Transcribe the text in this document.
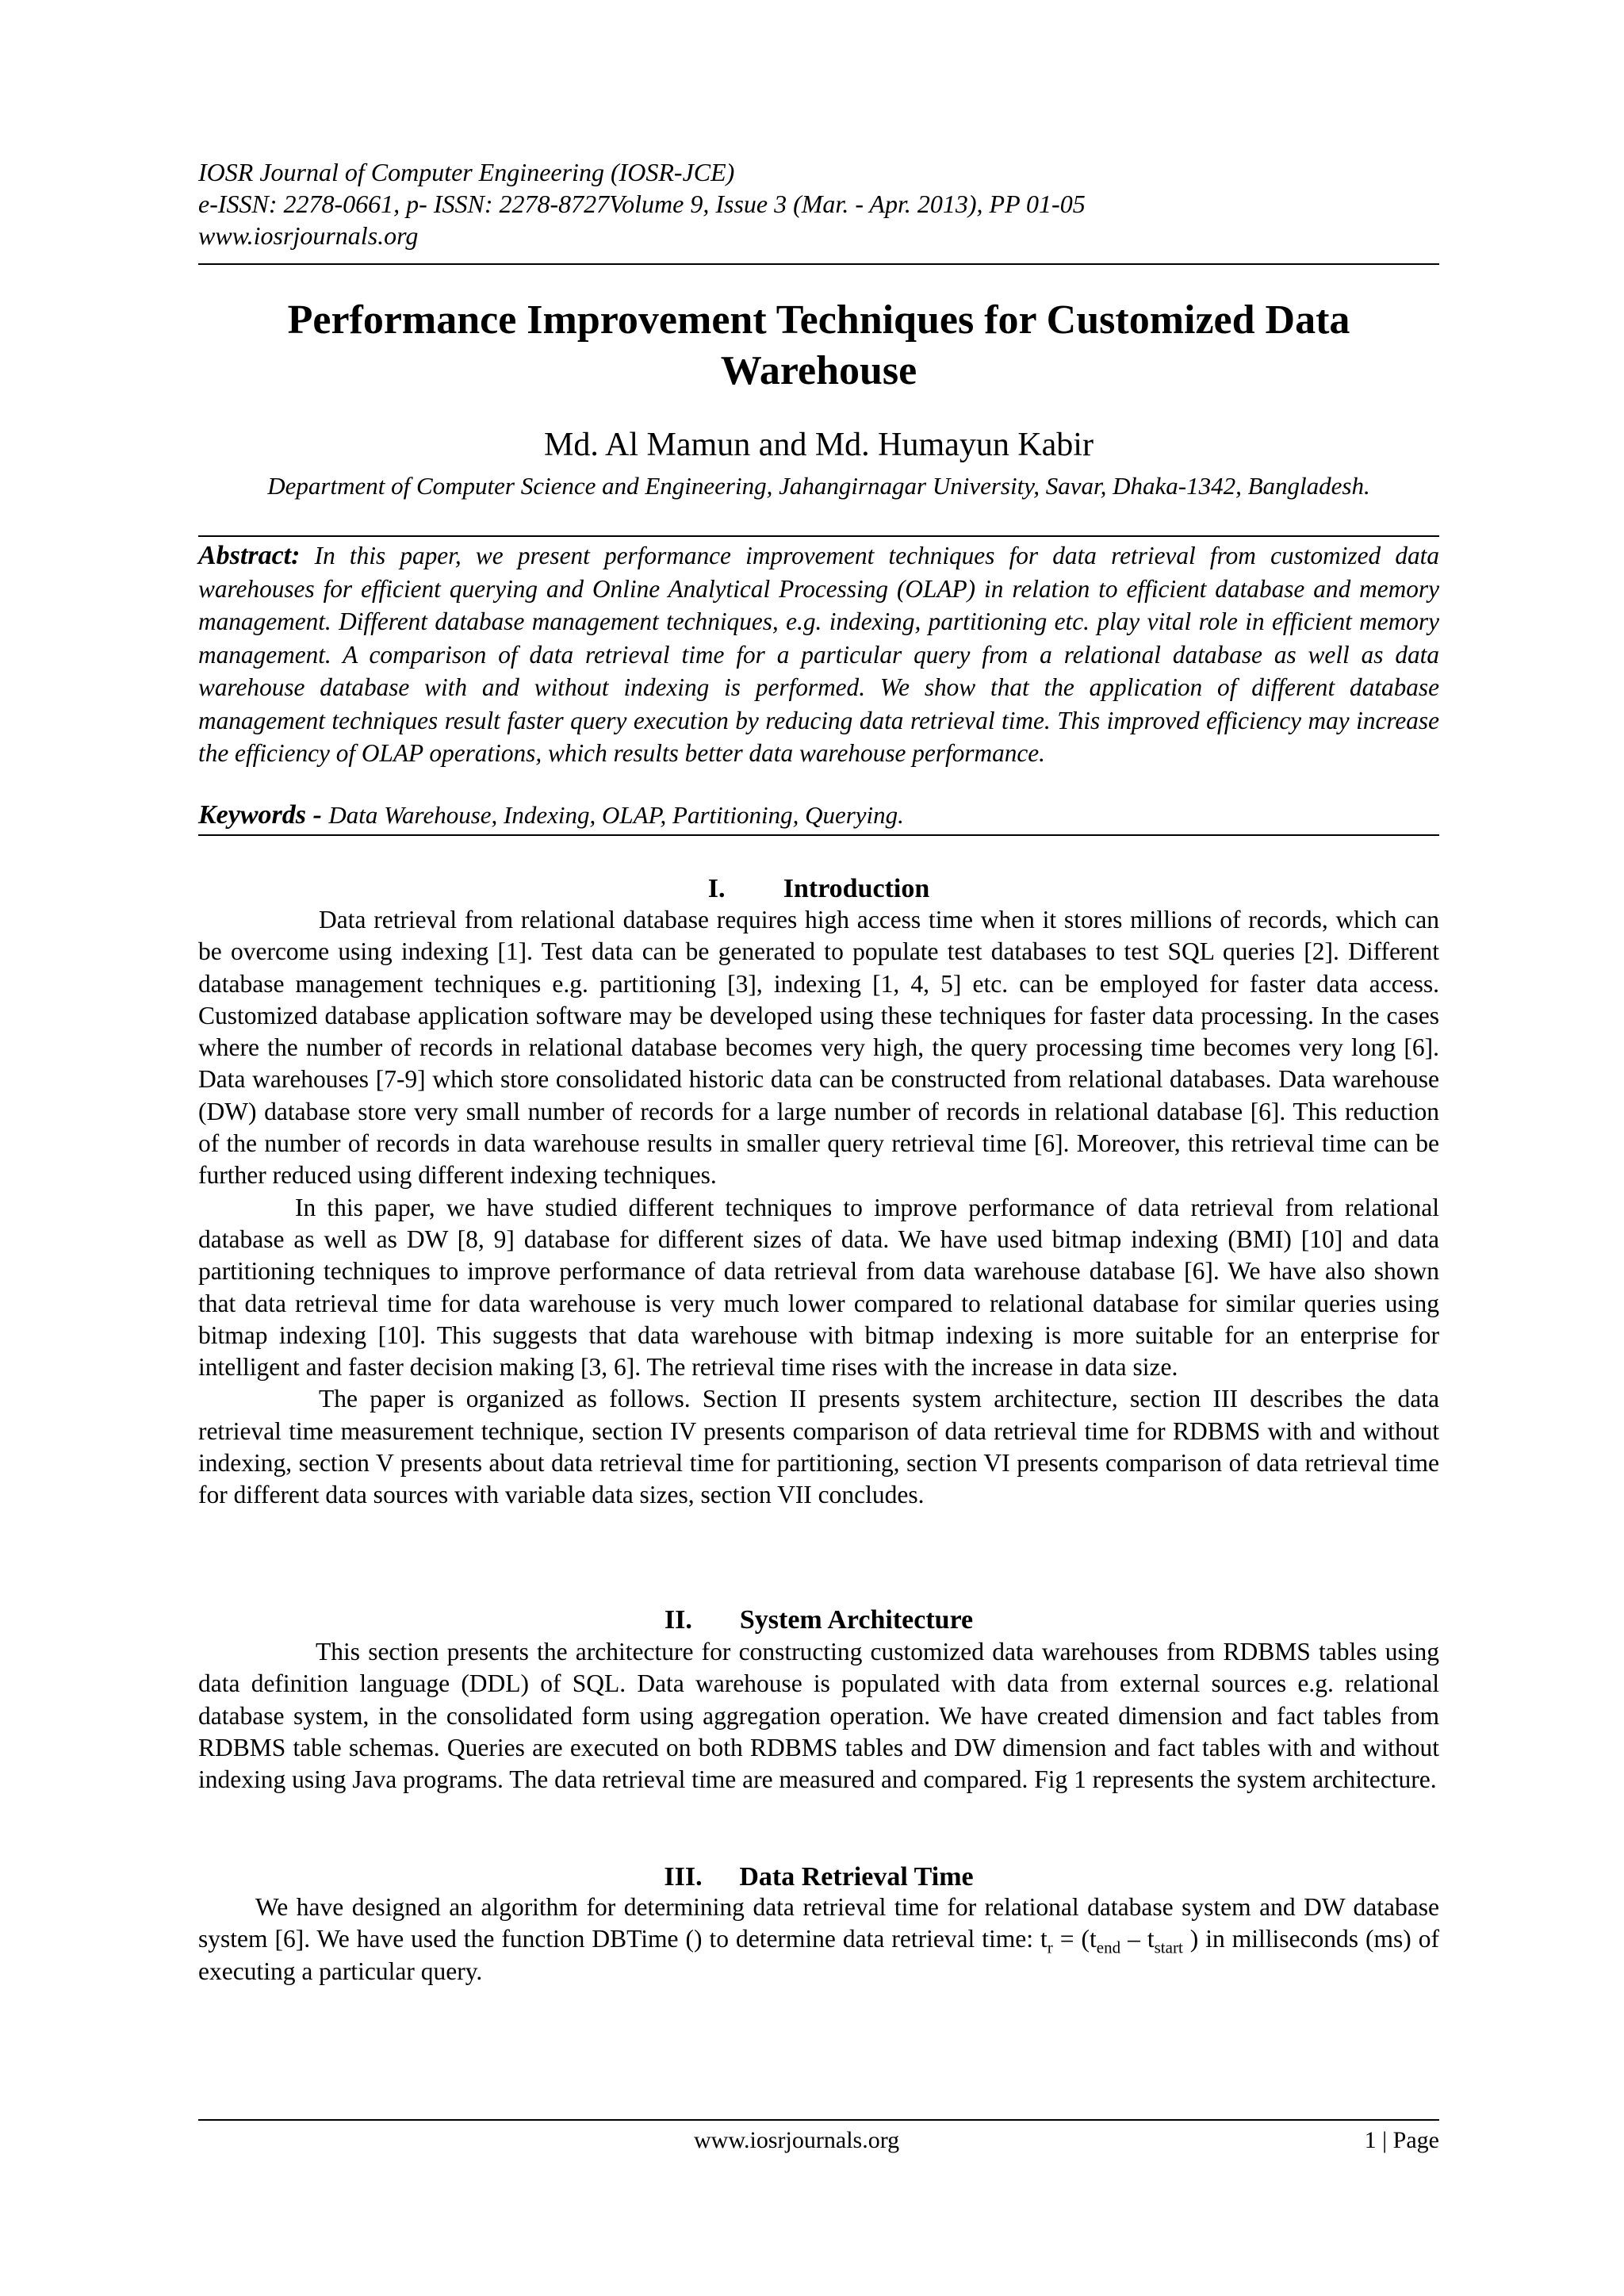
IOSR Journal of Computer Engineering (IOSR-JCE)
e-ISSN: 2278-0661, p- ISSN: 2278-8727Volume 9, Issue 3 (Mar. - Apr. 2013), PP 01-05
www.iosrjournals.org
Performance Improvement Techniques for Customized Data Warehouse
Md. Al Mamun and Md. Humayun Kabir
Department of Computer Science and Engineering, Jahangirnagar University, Savar, Dhaka-1342, Bangladesh.
Abstract: In this paper, we present performance improvement techniques for data retrieval from customized data warehouses for efficient querying and Online Analytical Processing (OLAP) in relation to efficient database and memory management. Different database management techniques, e.g. indexing, partitioning etc. play vital role in efficient memory management. A comparison of data retrieval time for a particular query from a relational database as well as data warehouse database with and without indexing is performed. We show that the application of different database management techniques result faster query execution by reducing data retrieval time. This improved efficiency may increase the efficiency of OLAP operations, which results better data warehouse performance.
Keywords - Data Warehouse, Indexing, OLAP, Partitioning, Querying.
I. Introduction

Data retrieval from relational database requires high access time when it stores millions of records, which can be overcome using indexing [1]. Test data can be generated to populate test databases to test SQL queries [2]. Different database management techniques e.g. partitioning [3], indexing [1, 4, 5] etc. can be employed for faster data access. Customized database application software may be developed using these techniques for faster data processing. In the cases where the number of records in relational database becomes very high, the query processing time becomes very long [6]. Data warehouses [7-9] which store consolidated historic data can be constructed from relational databases. Data warehouse (DW) database store very small number of records for a large number of records in relational database [6]. This reduction of the number of records in data warehouse results in smaller query retrieval time [6]. Moreover, this retrieval time can be further reduced using different indexing techniques.

In this paper, we have studied different techniques to improve performance of data retrieval from relational database as well as DW [8, 9] database for different sizes of data. We have used bitmap indexing (BMI) [10] and data partitioning techniques to improve performance of data retrieval from data warehouse database [6]. We have also shown that data retrieval time for data warehouse is very much lower compared to relational database for similar queries using bitmap indexing [10]. This suggests that data warehouse with bitmap indexing is more suitable for an enterprise for intelligent and faster decision making [3, 6]. The retrieval time rises with the increase in data size.

The paper is organized as follows. Section II presents system architecture, section III describes the data retrieval time measurement technique, section IV presents comparison of data retrieval time for RDBMS with and without indexing, section V presents about data retrieval time for partitioning, section VI presents comparison of data retrieval time for different data sources with variable data sizes, section VII concludes.

II. System Architecture

This section presents the architecture for constructing customized data warehouses from RDBMS tables using data definition language (DDL) of SQL. Data warehouse is populated with data from external sources e.g. relational database system, in the consolidated form using aggregation operation. We have created dimension and fact tables from RDBMS table schemas. Queries are executed on both RDBMS tables and DW dimension and fact tables with and without indexing using Java programs. The data retrieval time are measured and compared. Fig 1 represents the system architecture.

III. Data Retrieval Time

We have designed an algorithm for determining data retrieval time for relational database system and DW database system [6]. We have used the function DBTime () to determine data retrieval time: $t_r = (t_{end} - t_{start}$ ) in milliseconds (ms) of executing a particular query.

www.iosrjournals.org	1 | Page
